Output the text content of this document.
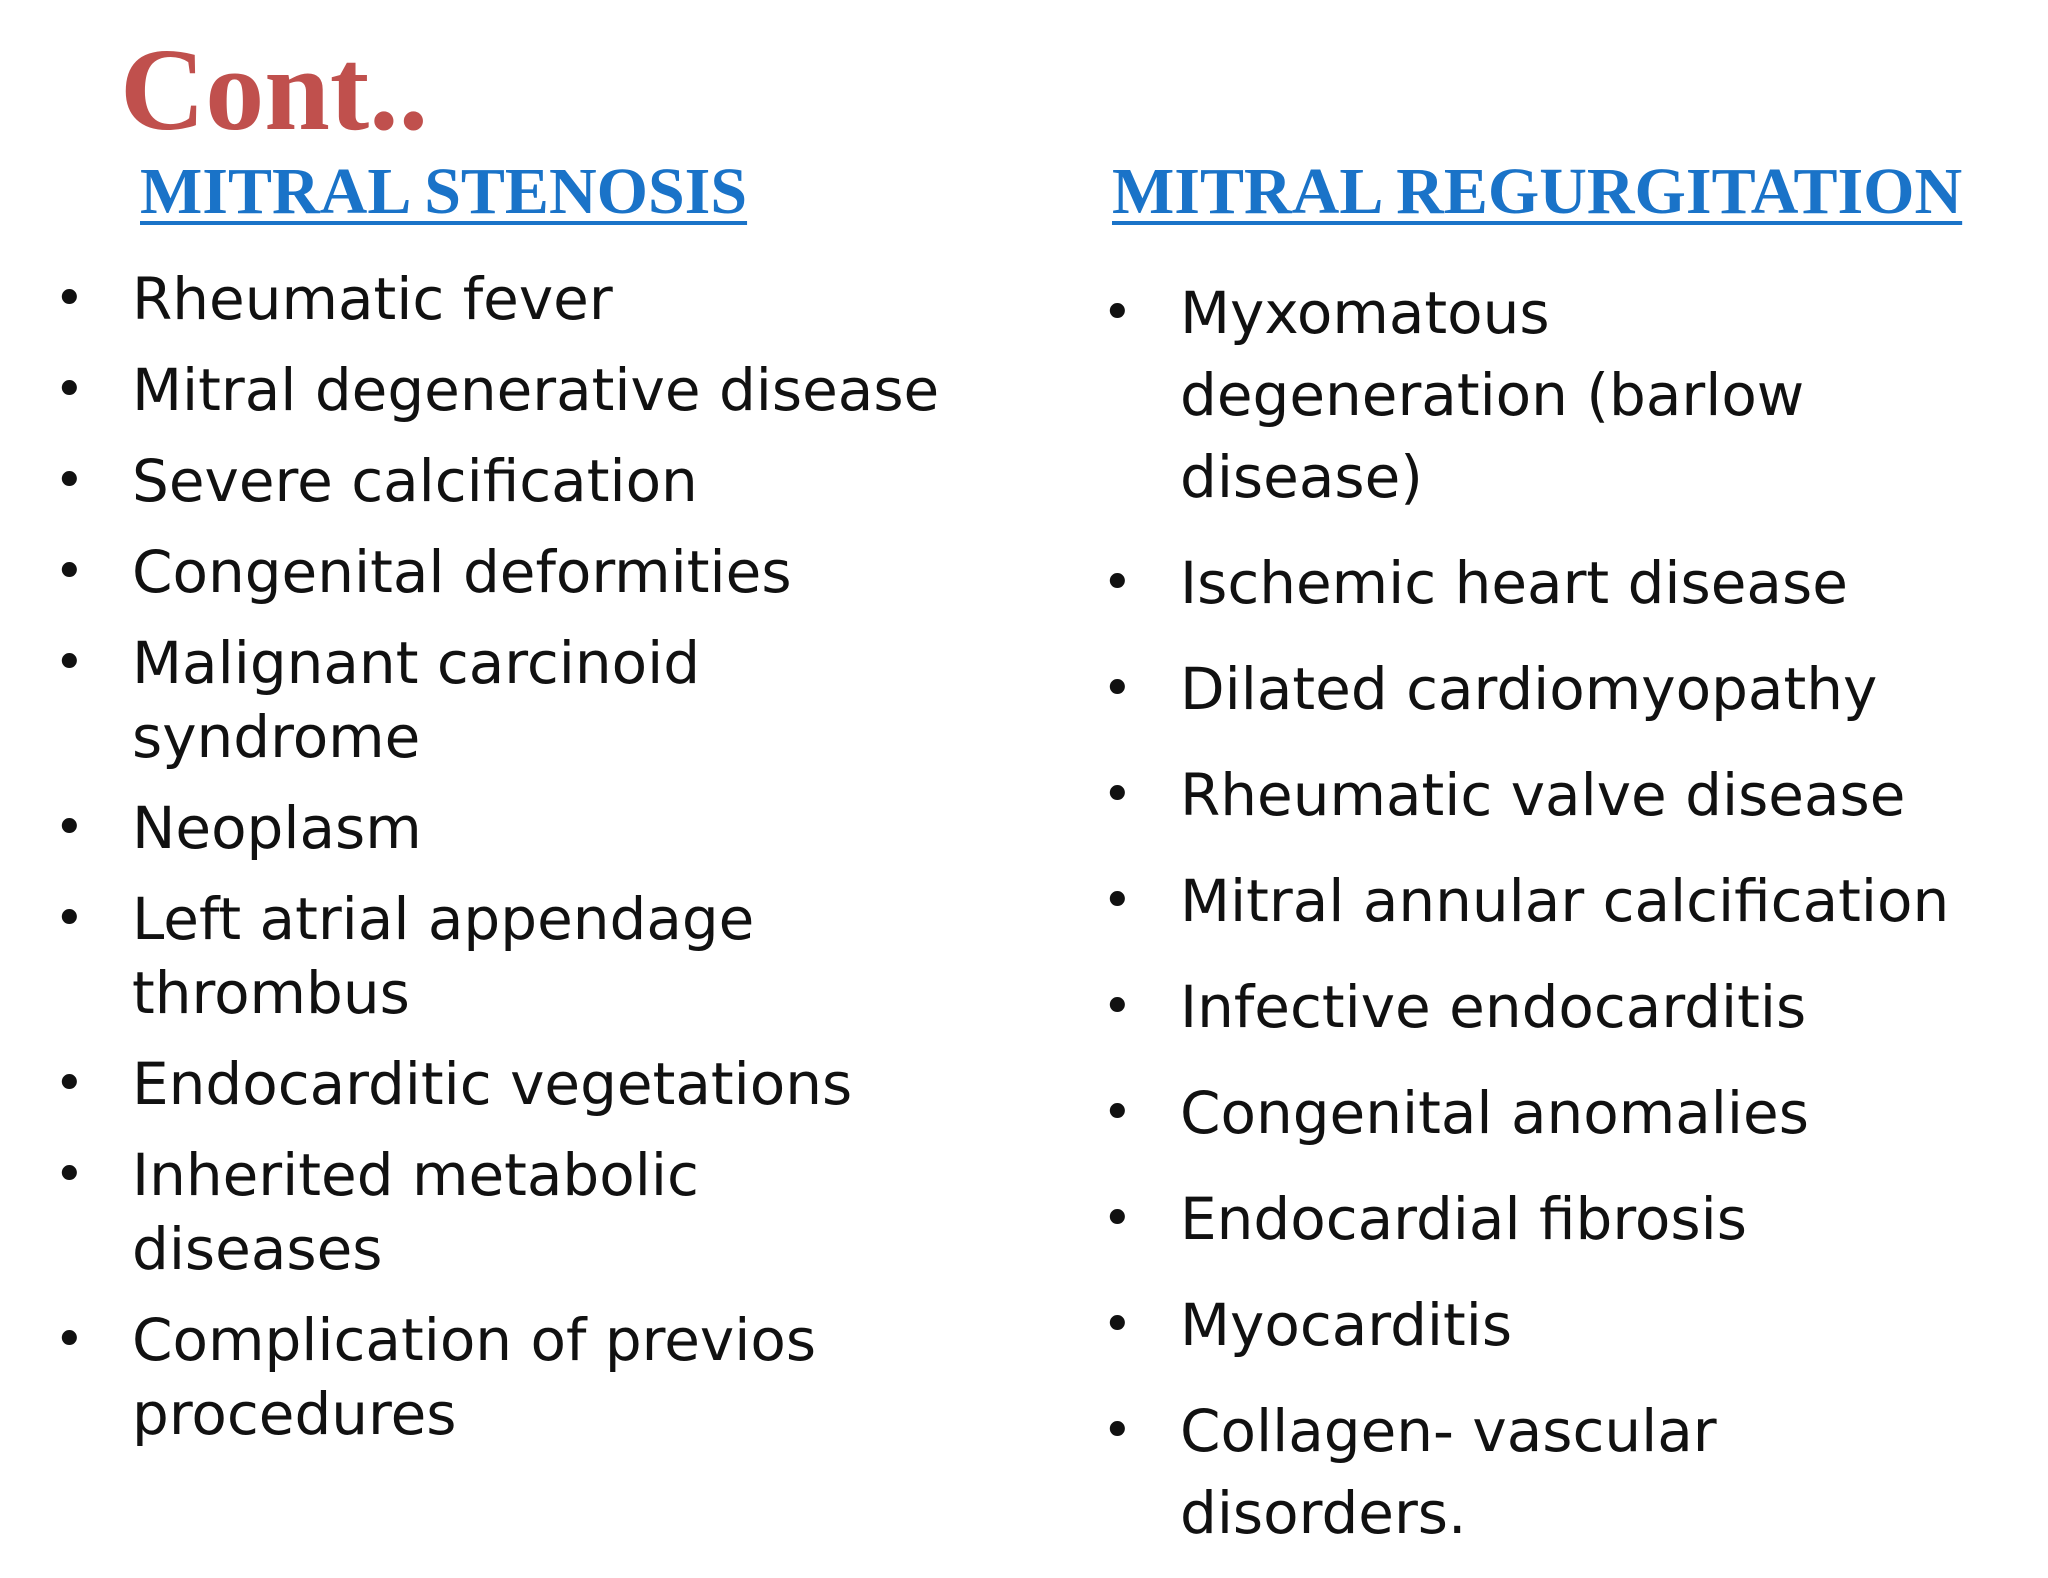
Cont..
MITRAL STENOSIS	MITRAL REGURGITATION
• Rheumatic fever
• Mitral degenerative disease
• Severe calcification
• Congenital deformities
• Malignant carcinoid syndrome
• Neoplasm
• Left atrial appendage thrombus
• Endocarditic vegetations
• Inherited metabolic diseases
• Complication of previos procedures
• Myxomatous degeneration (barlow disease)
• Ischemic heart disease
• Dilated cardiomyopathy
• Rheumatic valve disease
• Mitral annular calcification
• Infective endocarditis
• Congenital anomalies
• Endocardial fibrosis
• Myocarditis
• Collagen- vascular disorders.
